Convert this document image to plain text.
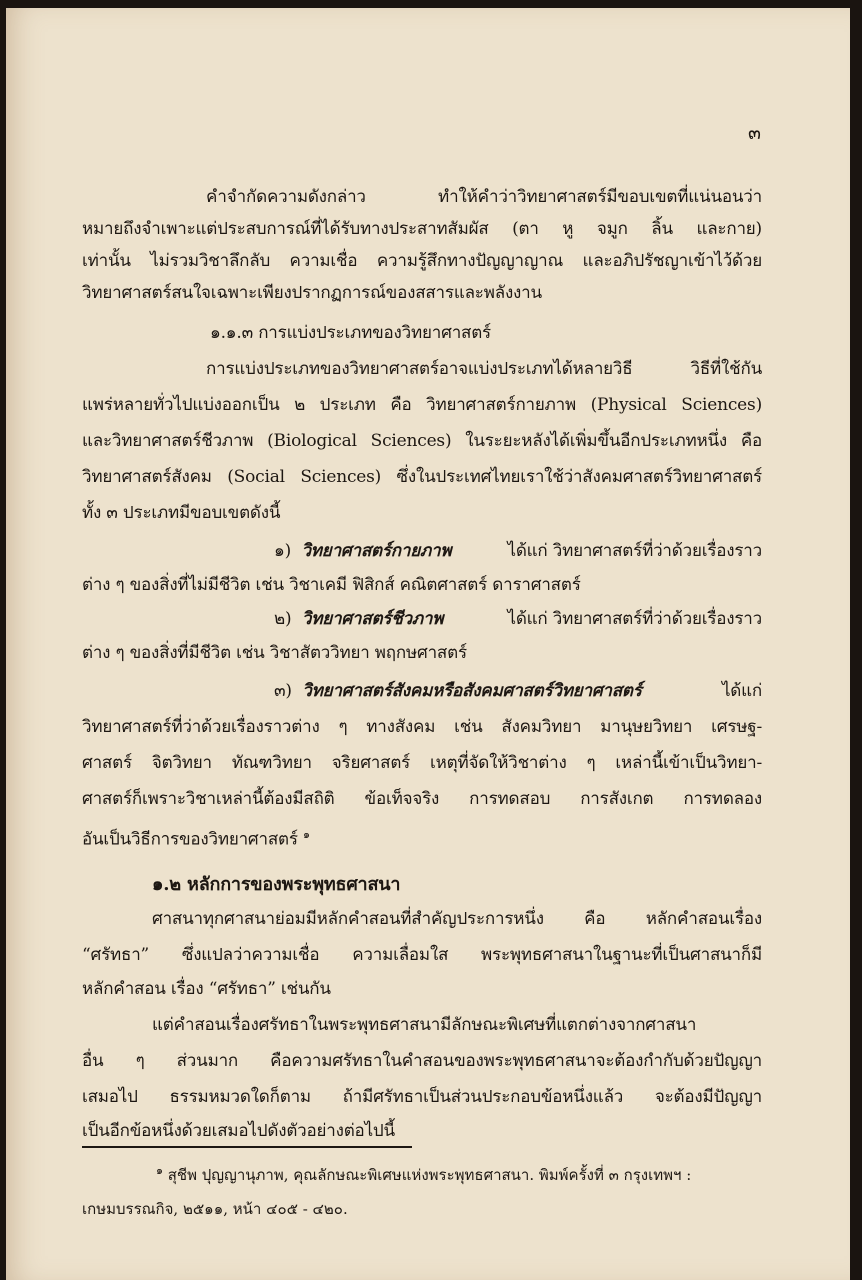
๓
คำจำกัดความดังกล่าว ทำให้คำว่าวิทยาศาสตร์มีขอบเขตที่แน่นอนว่า
หมายถึงจำเพาะแต่ประสบการณ์ที่ได้รับทางประสาทสัมผัส (ตา หู จมูก ลิ้น และกาย)
เท่านั้น ไม่รวมวิชาลึกลับ ความเชื่อ ความรู้สึกทางปัญญาญาณ และอภิปรัชญาเข้าไว้ด้วย
วิทยาศาสตร์สนใจเฉพาะเพียงปรากฏการณ์ของสสารและพลังงาน
๑.๑.๓ การแบ่งประเภทของวิทยาศาสตร์
การแบ่งประเภทของวิทยาศาสตร์อาจแบ่งประเภทได้หลายวิธี วิธีที่ใช้กัน
แพร่หลายทั่วไปแบ่งออกเป็น ๒ ประเภท คือ วิทยาศาสตร์กายภาพ (Physical Sciences)
และวิทยาศาสตร์ชีวภาพ (Biological Sciences) ในระยะหลังได้เพิ่มขึ้นอีกประเภทหนึ่ง คือ
วิทยาศาสตร์สังคม (Social Sciences) ซึ่งในประเทศไทยเราใช้ว่าสังคมศาสตร์วิทยาศาสตร์
ทั้ง ๓ ประเภทมีขอบเขตดังนี้
๑) วิทยาศาสตร์กายภาพ	ได้แก่ วิทยาศาสตร์ที่ว่าด้วยเรื่องราว
ต่าง ๆ ของสิ่งที่ไม่มีชีวิต เช่น วิชาเคมี ฟิสิกส์ คณิตศาสตร์ ดาราศาสตร์
๒) วิทยาศาสตร์ชีวภาพ	ได้แก่ วิทยาศาสตร์ที่ว่าด้วยเรื่องราว
ต่าง ๆ ของสิ่งที่มีชีวิต เช่น วิชาสัตววิทยา พฤกษศาสตร์
๓) วิทยาศาสตร์สังคมหรือสังคมศาสตร์วิทยาศาสตร์	ได้แก่
วิทยาศาสตร์ที่ว่าด้วยเรื่องราวต่าง ๆ ทางสังคม เช่น สังคมวิทยา มานุษยวิทยา เศรษฐ-
ศาสตร์ จิตวิทยา ทัณฑวิทยา จริยศาสตร์ เหตุที่จัดให้วิชาต่าง ๆ เหล่านี้เข้าเป็นวิทยา-
ศาสตร์ก็เพราะวิชาเหล่านี้ต้องมีสถิติ ข้อเท็จจริง การทดสอบ การสังเกต การทดลอง
อันเป็นวิธีการของวิทยาศาสตร์ $^๑$
๑.๒ หลักการของพระพุทธศาสนา
ศาสนาทุกศาสนาย่อมมีหลักคำสอนที่สำคัญประการหนึ่ง คือ หลักคำสอนเรื่อง
“ศรัทธา” ซึ่งแปลว่าความเชื่อ ความเลื่อมใส พระพุทธศาสนาในฐานะที่เป็นศาสนาก็มี
หลักคำสอน เรื่อง “ศรัทธา” เช่นกัน
แต่คำสอนเรื่องศรัทธาในพระพุทธศาสนามีลักษณะพิเศษที่แตกต่างจากศาสนา
อื่น ๆ ส่วนมาก คือความศรัทธาในคำสอนของพระพุทธศาสนาจะต้องกำกับด้วยปัญญา
เสมอไป ธรรมหมวดใดก็ตาม ถ้ามีศรัทธาเป็นส่วนประกอบข้อหนึ่งแล้ว จะต้องมีปัญญา
เป็นอีกข้อหนึ่งด้วยเสมอไปดังตัวอย่างต่อไปนี้
$^๑$ สุชีพ ปุญญานุภาพ, คุณลักษณะพิเศษแห่งพระพุทธศาสนา. พิมพ์ครั้งที่ ๓ กรุงเทพฯ :
เกษมบรรณกิจ, ๒๕๑๑, หน้า ๔๐๕ - ๔๒๐.
